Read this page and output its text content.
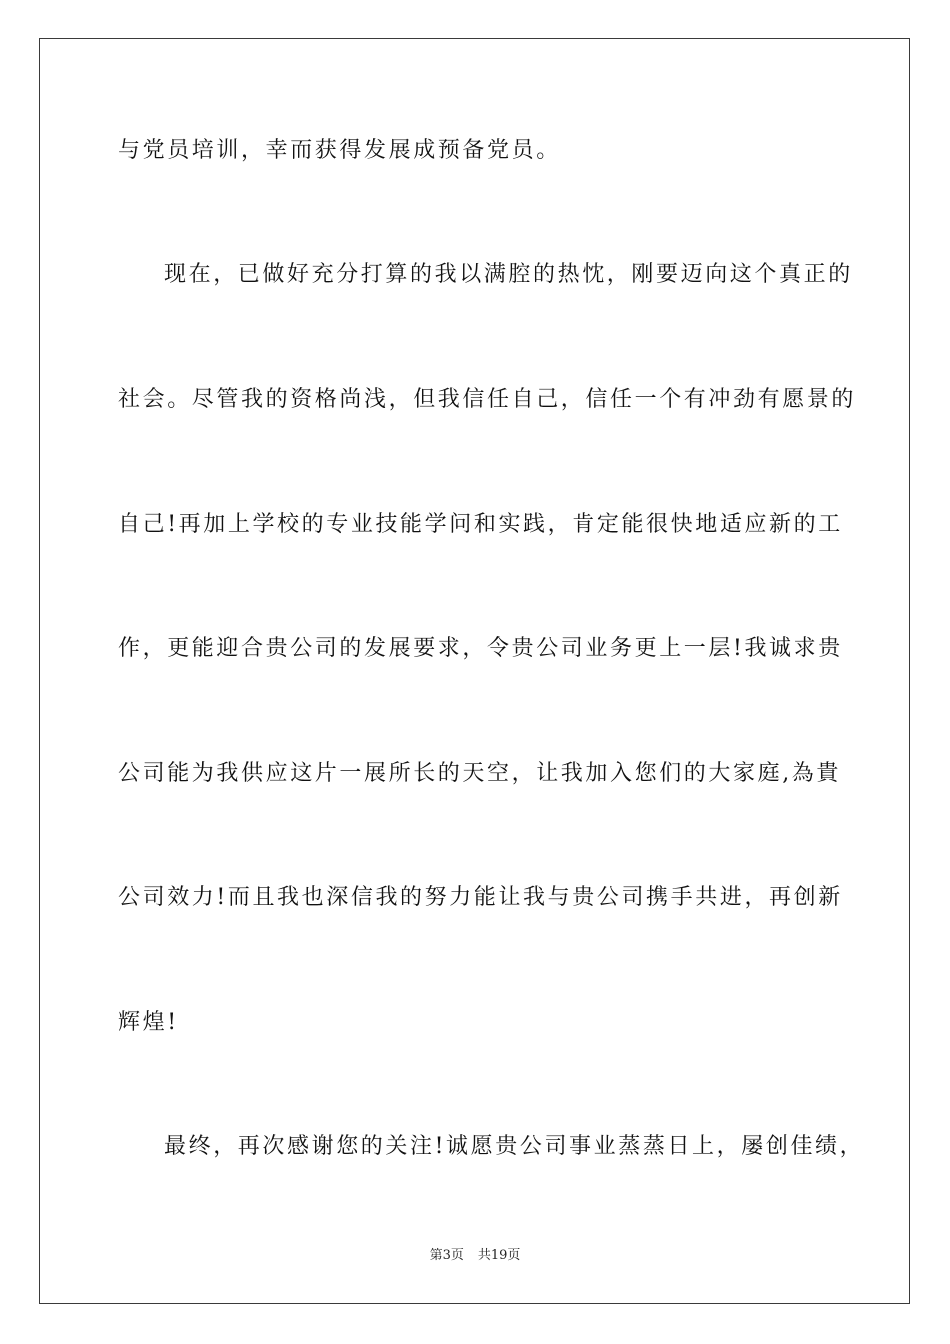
与党员培训，幸而获得发展成预备党员。
现在，已做好充分打算的我以满腔的热忱，刚要迈向这个真正的
社会。尽管我的资格尚浅，但我信任自己，信任一个有冲劲有愿景的
自己!再加上学校的专业技能学问和实践，肯定能很快地适应新的工
作，更能迎合贵公司的发展要求，令贵公司业务更上一层!我诚求贵
公司能为我供应这片一展所长的天空，让我加入您们的大家庭,為貴
公司效力!而且我也深信我的努力能让我与贵公司携手共进，再创新
辉煌!
最终，再次感谢您的关注!诚愿贵公司事业蒸蒸日上，屡创佳绩，
第3页 共19页
